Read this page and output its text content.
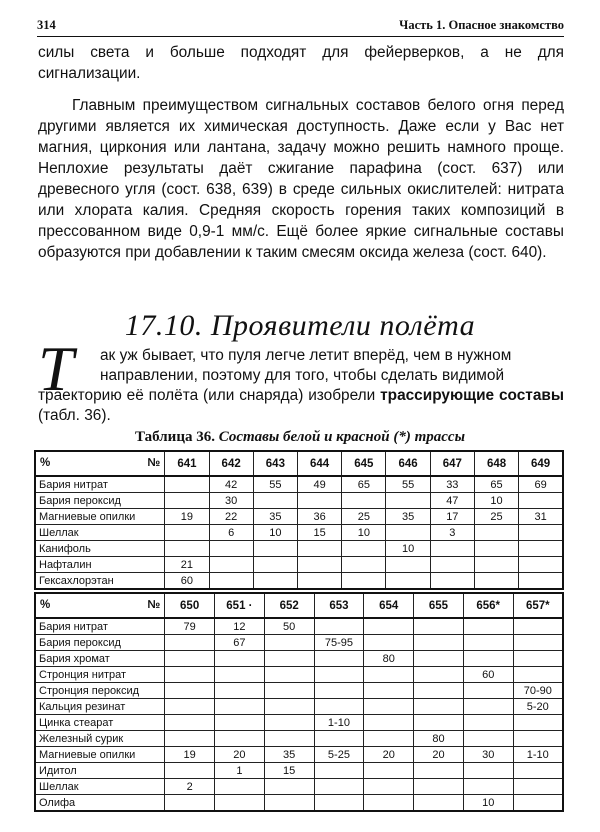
314	Часть 1. Опасное знакомство

силы света и больше подходят для фейерверков, а не для сигнализации.

Главным преимуществом сигнальных составов белого огня перед другими является их химическая доступность. Даже если у Вас нет магния, циркония или лантана, задачу можно решить намного проще. Неплохие результаты даёт сжигание парафина (сост. 637) или древесного угля (сост. 638, 639) в среде сильных окислителей: нитрата или хлората калия. Средняя скорость горения таких композиций в прессованном виде 0,9-1 мм/с. Ещё более яркие сигнальные составы образуются при добавлении к таким смесям оксида железа (сост. 640).

17.10. Проявители полёта
Т	ак уж бывает, что пуля легче летит вперёд, чем в нужном
направлении, поэтому для того, чтобы сделать видимой
траекторию её полёта (или снаряда) изобрели трассирующие составы (табл. 36).

Таблица 36. Составы белой и красной (*) трассы
% №	641	642	643	644	645	646	647	648	649
Бария нитрат		42	55	49	65	55	33	65	69
Бария пероксид		30					47	10	
Магниевые опилки	19	22	35	36	25	35	17	25	31
Шеллак		6	10	15	10		3		
Канифоль						10			
Нафталин	21								
Гексахлорэтан	60								
% №	650	651 ·	652	653	654	655	656*	657*
Бария нитрат	79	12	50					
Бария пероксид		67		75-95				
Бария хромат					80			
Стронция нитрат							60	
Стронция пероксид								70-90
Кальция резинат								5-20
Цинка стеарат				1-10				
Железный сурик						80		
Магниевые опилки	19	20	35	5-25	20	20	30	1-10
Идитол		1	15					
Шеллак	2							
Олифа							10	
